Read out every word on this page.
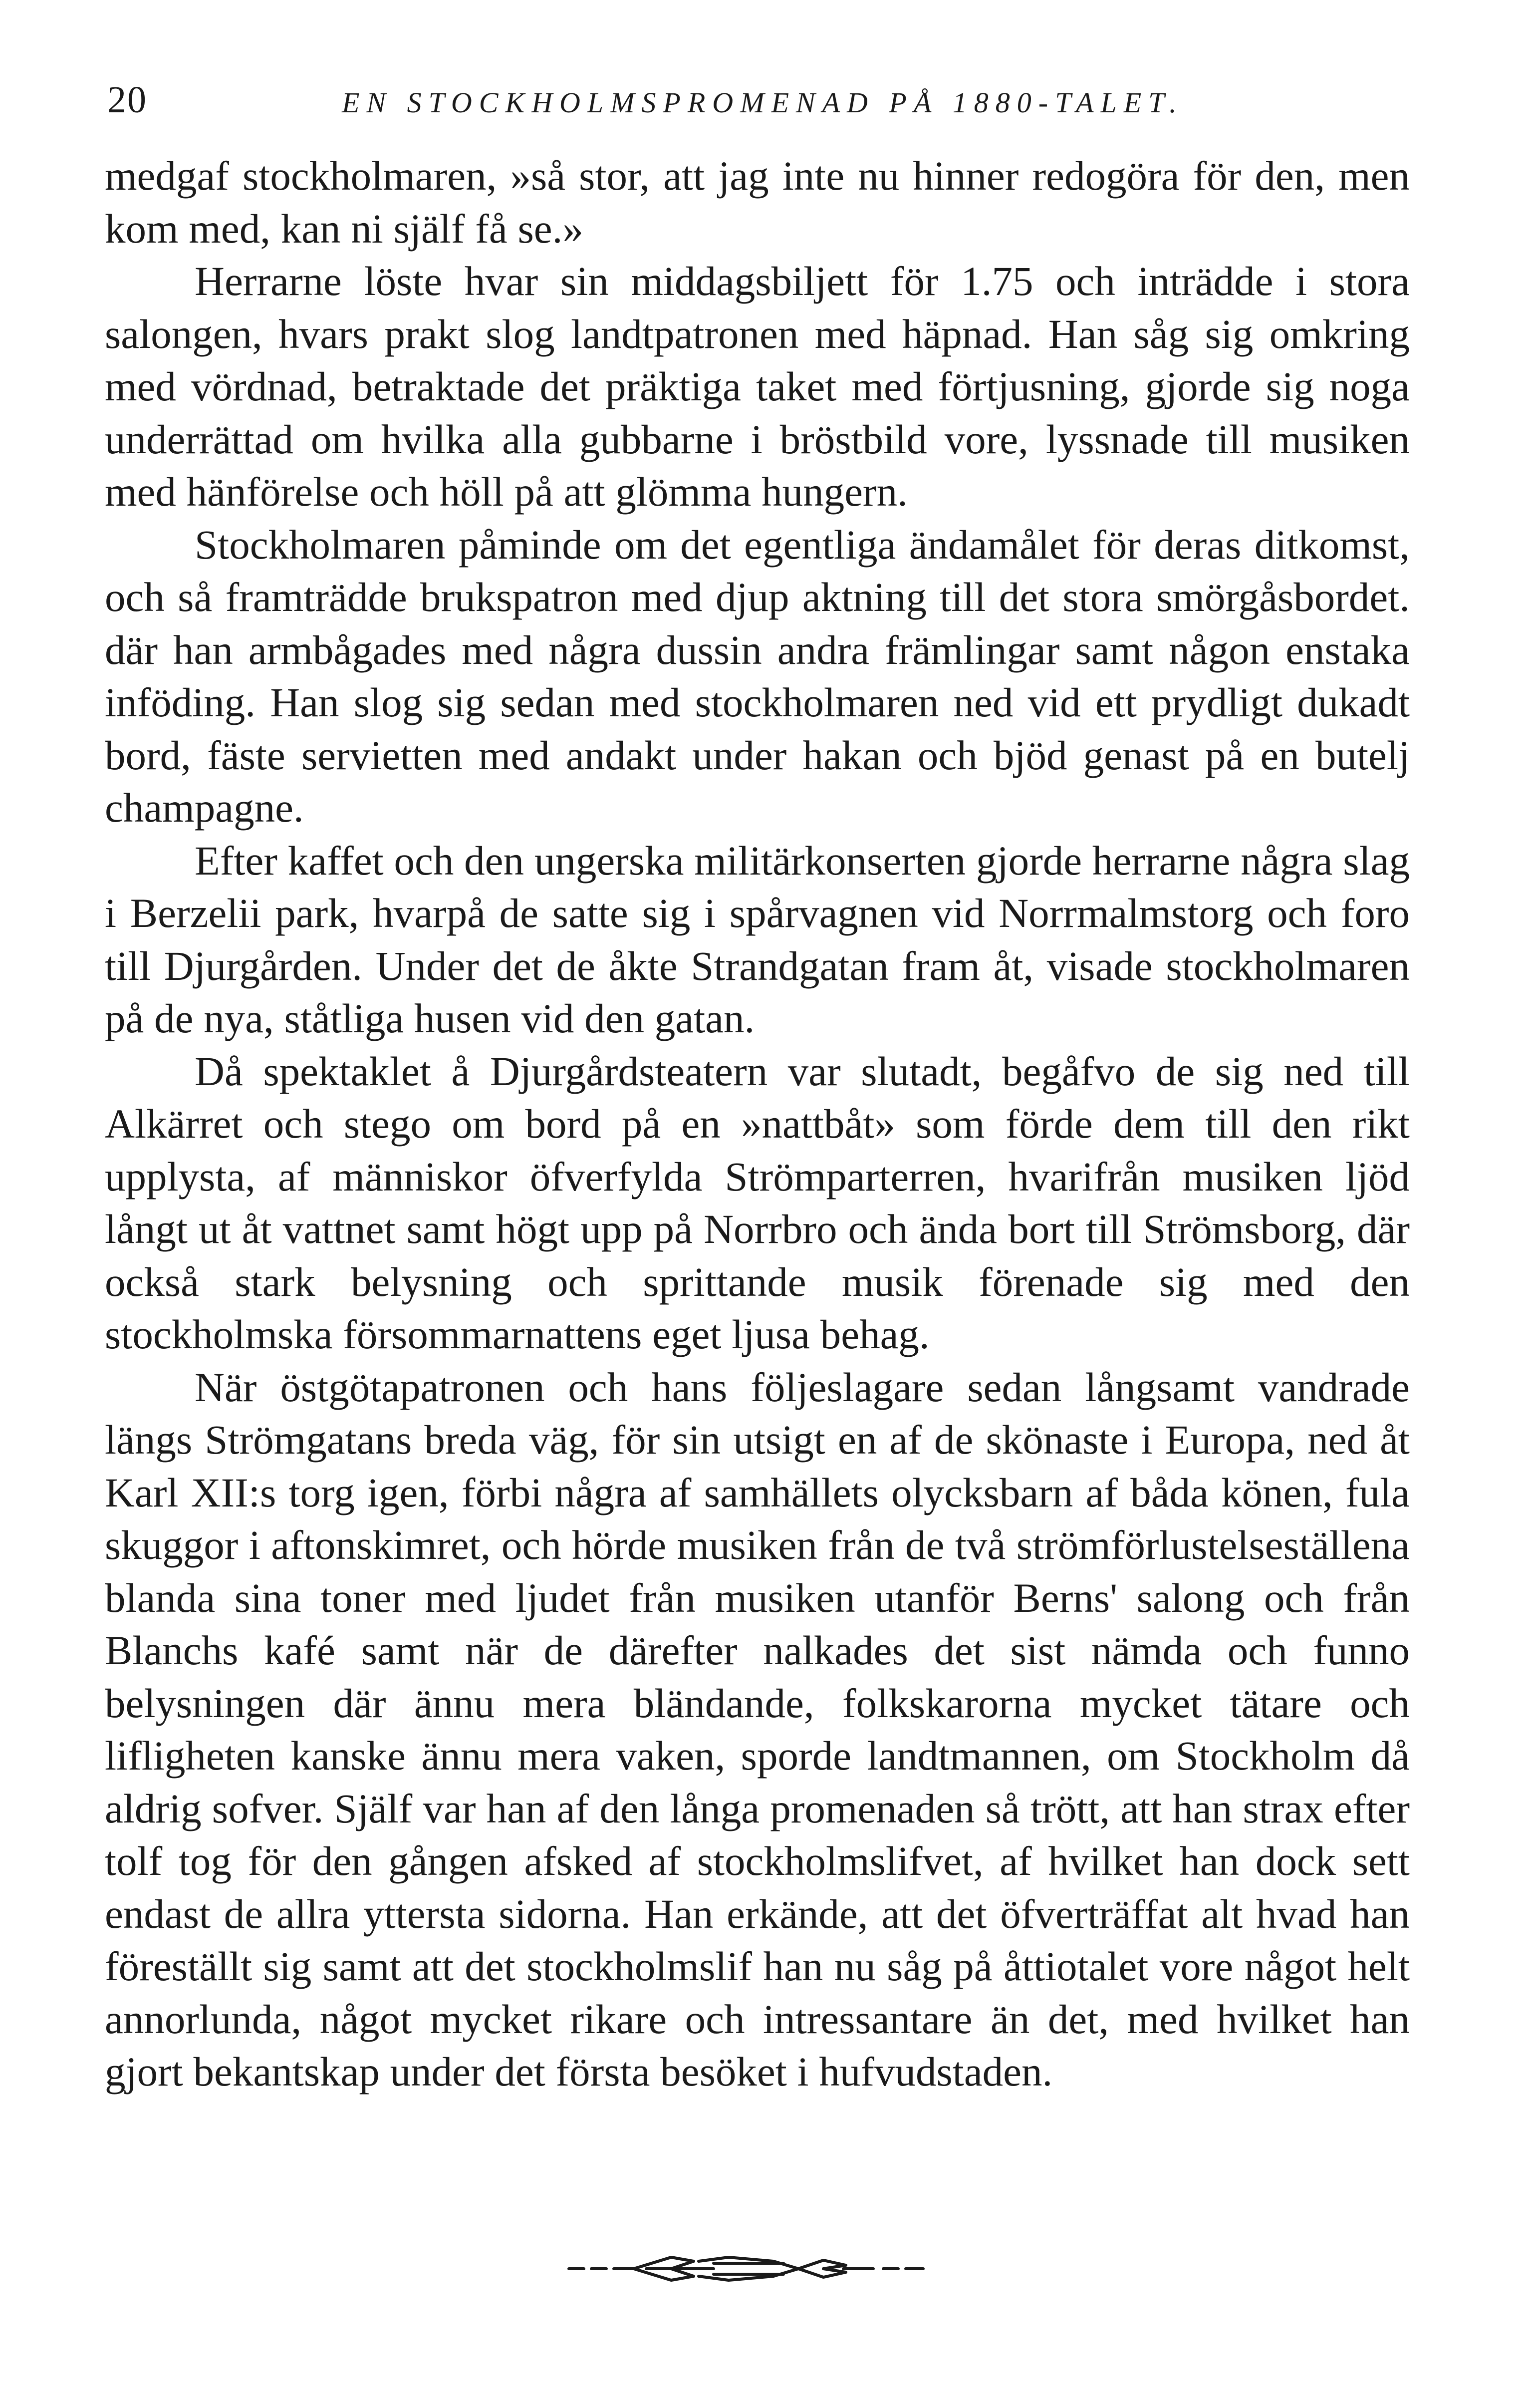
20	EN STOCKHOLMSPROMENAD PÅ 1880-TALET.

medgaf stockholmaren, »så stor, att jag inte nu hinner redogöra för den, men kom med, kan ni själf få se.»

Herrarne löste hvar sin middagsbiljett för 1.75 och inträdde i stora salongen, hvars prakt slog landtpatronen med häpnad. Han såg sig omkring med vördnad, betraktade det präktiga taket med förtjusning, gjorde sig noga underrättad om hvilka alla gubbarne i bröstbild vore, lyssnade till musiken med hänförelse och höll på att glömma hungern.

Stockholmaren påminde om det egentliga ändamålet för deras ditkomst, och så framträdde brukspatron med djup aktning till det stora smörgåsbordet. där han armbågades med några dussin andra främlingar samt någon enstaka inföding. Han slog sig sedan med stockholmaren ned vid ett prydligt dukadt bord, fäste servietten med andakt under hakan och bjöd genast på en butelj champagne.

Efter kaffet och den ungerska militärkonserten gjorde herrarne några slag i Berzelii park, hvarpå de satte sig i spårvagnen vid Norrmalmstorg och foro till Djurgården. Under det de åkte Strandgatan fram åt, visade stockholmaren på de nya, ståtliga husen vid den gatan.

Då spektaklet å Djurgårdsteatern var slutadt, begåfvo de sig ned till Alkärret och stego om bord på en »nattbåt» som förde dem till den rikt upplysta, af människor öfverfylda Strömparterren, hvarifrån musiken ljöd långt ut åt vattnet samt högt upp på Norrbro och ända bort till Strömsborg, där också stark belysning och sprittande musik förenade sig med den stockholmska försommarnattens eget ljusa behag.

När östgötapatronen och hans följeslagare sedan långsamt vandrade längs Strömgatans breda väg, för sin utsigt en af de skönaste i Europa, ned åt Karl XII:s torg igen, förbi några af samhällets olycksbarn af båda könen, fula skuggor i aftonskimret, och hörde musiken från de två strömförlustelseställena blanda sina toner med ljudet från musiken utanför Berns' salong och från Blanchs kafé samt när de därefter nalkades det sist nämda och funno belysningen där ännu mera bländande, folkskarorna mycket tätare och lifligheten kanske ännu mera vaken, sporde landtmannen, om Stockholm då aldrig sofver. Själf var han af den långa promenaden så trött, att han strax efter tolf tog för den gången afsked af stockholmslifvet, af hvilket han dock sett endast de allra yttersta sidorna. Han erkände, att det öfverträffat alt hvad han föreställt sig samt att det stockholmslif han nu såg på åttiotalet vore något helt annorlunda, något mycket rikare och intressantare än det, med hvilket han gjort bekantskap under det första besöket i hufvudstaden.
